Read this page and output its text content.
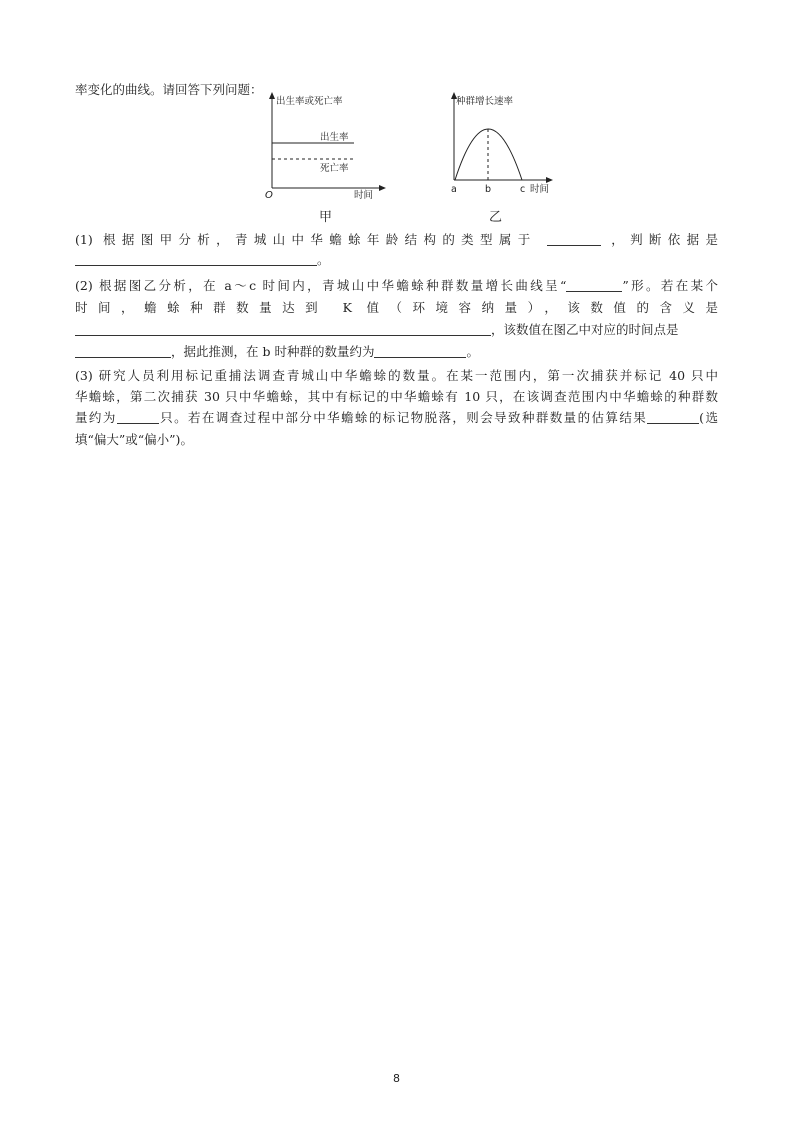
率变化的曲线。请回答下列问题：
出生率或死亡率
出生率
死亡率
O	时间
甲
种群增长速率
a	b	c 时间
乙
(1) 根据图甲分析，青城山中华蟾蜍年龄结构的类型属于	，判断依据是
。
(2) 根据图乙分析，在 a～c 时间内，青城山中华蟾蜍种群数量增长曲线呈“	”形。若在某个
时间，蟾蜍种群数量达到 K 值（环境容纳量），该数值的含义是
，该数值在图乙中对应的时间点是
，据此推测，在 b 时种群的数量约为	。
(3) 研究人员利用标记重捕法调查青城山中华蟾蜍的数量。在某一范围内，第一次捕获并标记 40 只中
华蟾蜍，第二次捕获 30 只中华蟾蜍，其中有标记的中华蟾蜍有 10 只，在该调查范围内中华蟾蜍的种群数
量约为	只。若在调查过程中部分中华蟾蜍的标记物脱落，则会导致种群数量的估算结果	(选
填“偏大”或“偏小”)。
8
